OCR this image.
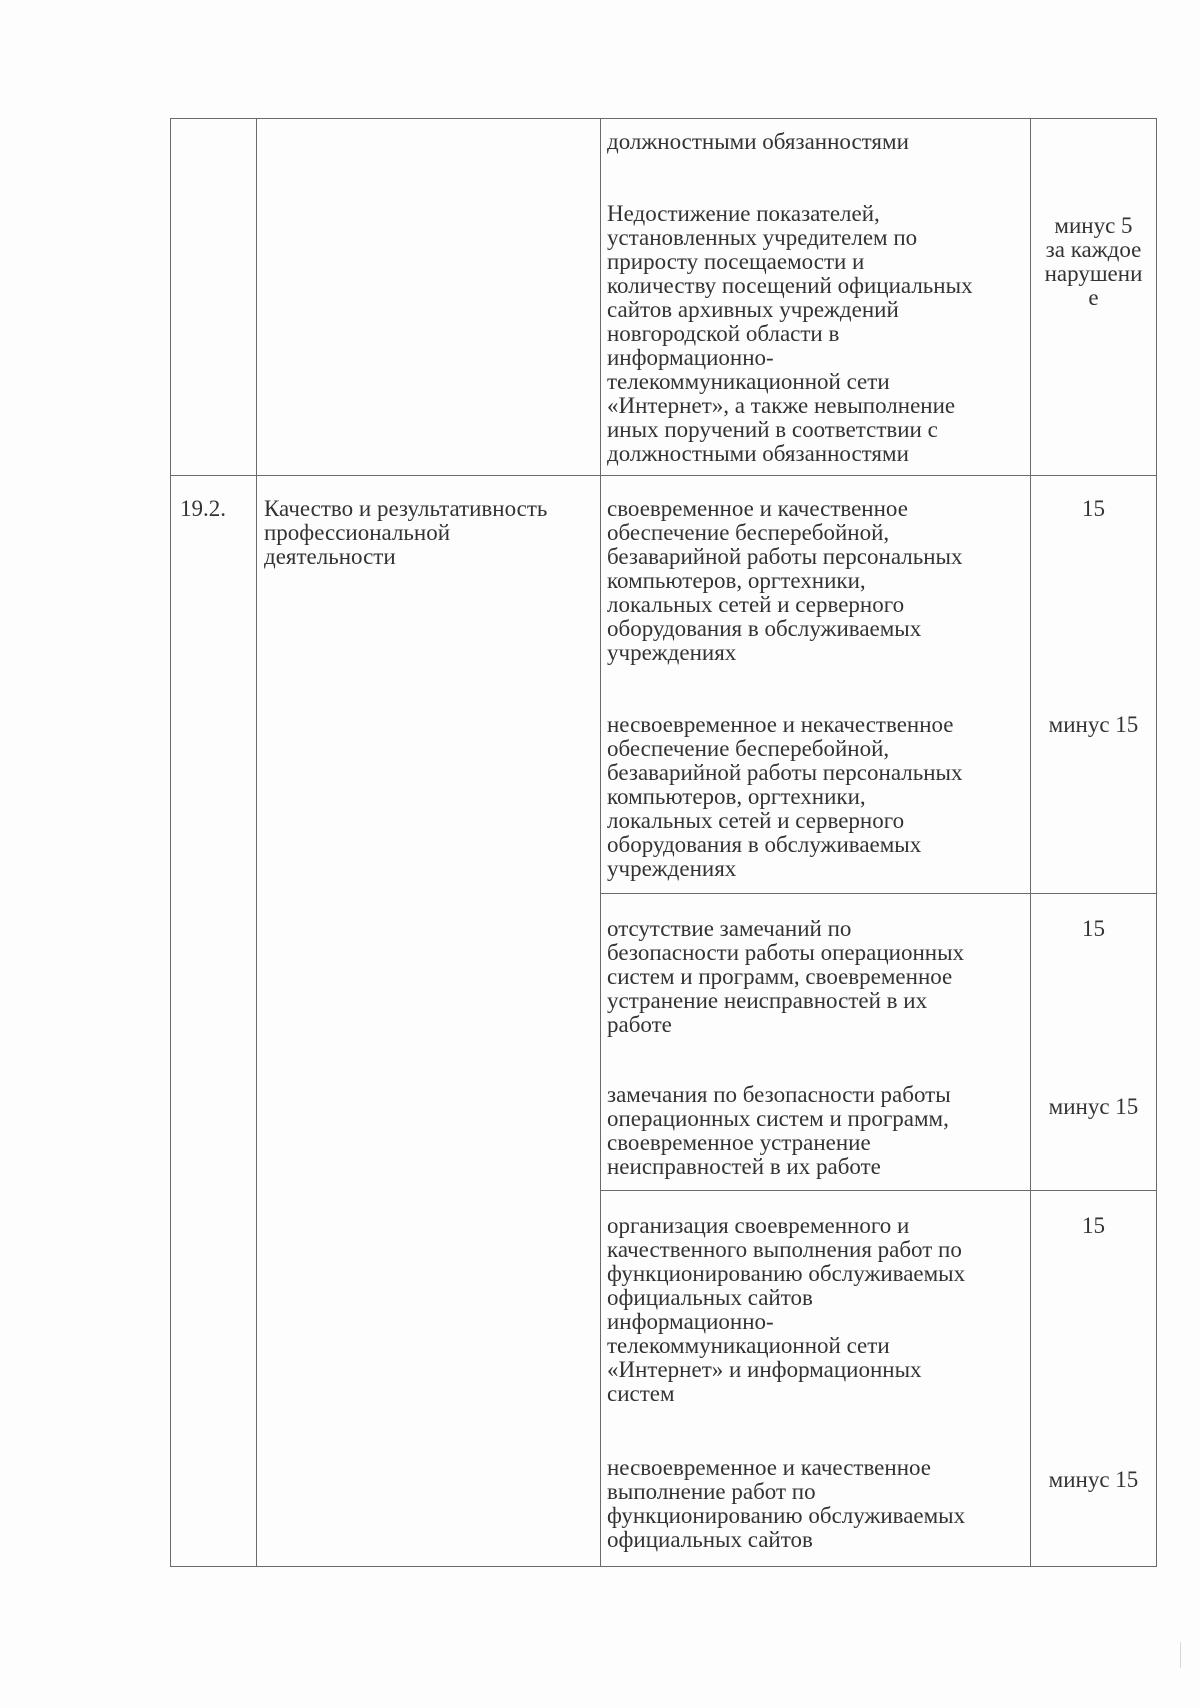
должностными обязанностями
Недостижение показателей,
установленных учредителем по
приросту посещаемости и
количеству посещений официальных
сайтов архивных учреждений
новгородской области в
информационно-
телекоммуникационной сети
«Интернет», а также невыполнение
иных поручений в соответствии с
должностными обязанностями
минус 5
за каждое
нарушени
е
19.2.	Качество и результативность
профессиональной
деятельности
своевременное и качественное
обеспечение бесперебойной,
безаварийной работы персональных
компьютеров, оргтехники,
локальных сетей и серверного
оборудования в обслуживаемых
учреждениях
15
несвоевременное и некачественное
обеспечение бесперебойной,
безаварийной работы персональных
компьютеров, оргтехники,
локальных сетей и серверного
оборудования в обслуживаемых
учреждениях
минус 15
отсутствие замечаний по
безопасности работы операционных
систем и программ, своевременное
устранение неисправностей в их
работе
15
замечания по безопасности работы
операционных систем и программ,
своевременное устранение
неисправностей в их работе
минус 15
организация своевременного и
качественного выполнения работ по
функционированию обслуживаемых
официальных сайтов
информационно-
телекоммуникационной сети
«Интернет» и информационных
систем
15
несвоевременное и качественное
выполнение работ по
функционированию обслуживаемых
официальных сайтов
минус 15
